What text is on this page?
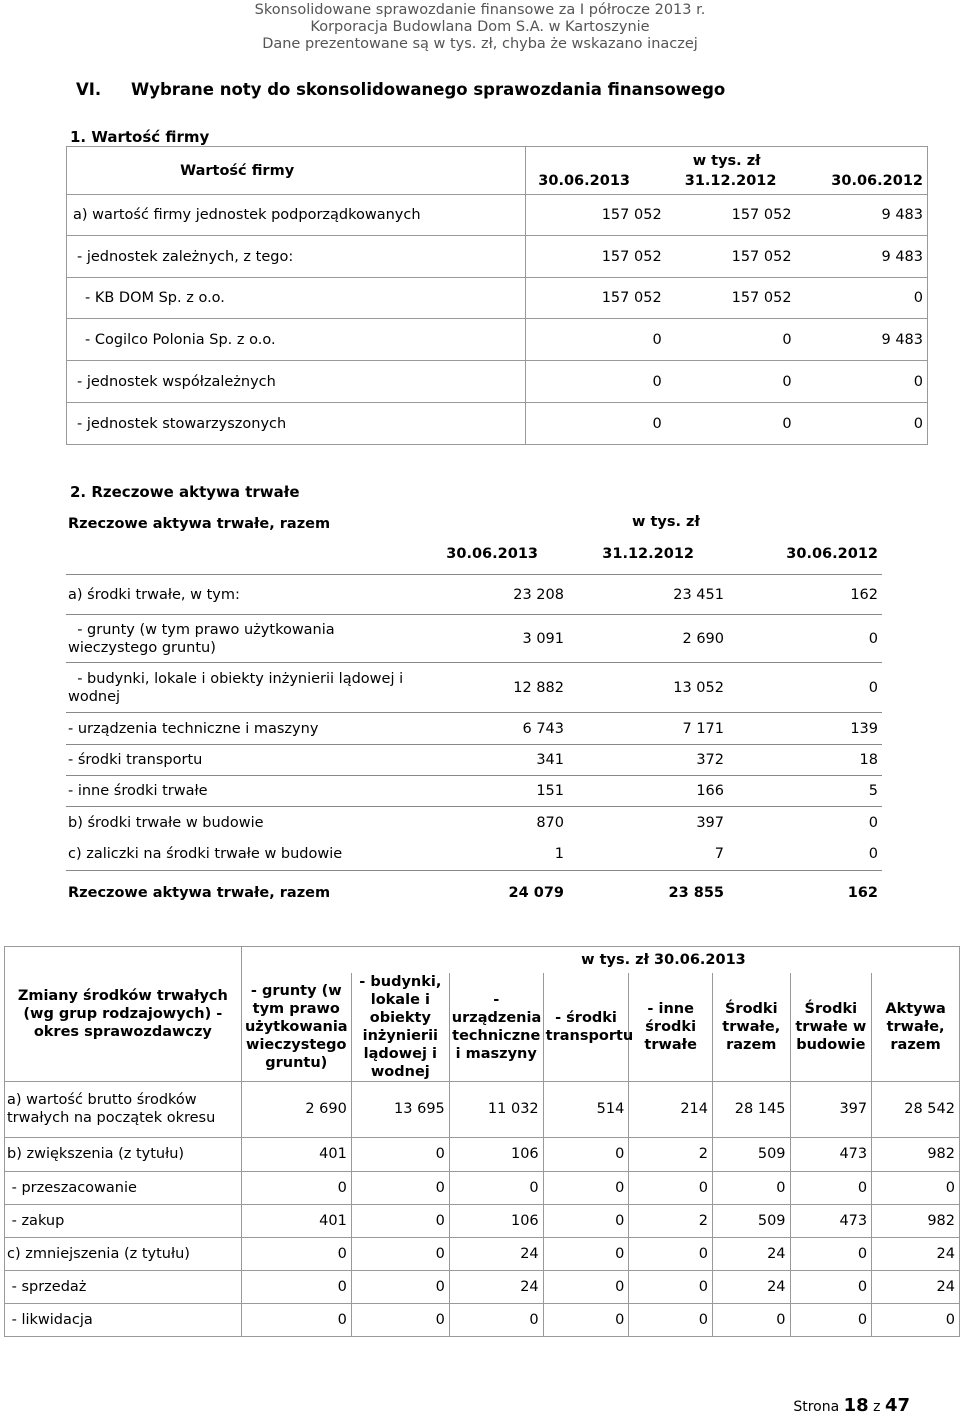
Skonsolidowane sprawozdanie finansowe za I półrocze 2013 r.
Korporacja Budowlana Dom S.A. w Kartoszynie
Dane prezentowane są w tys. zł, chyba że wskazano inaczej
VI. Wybrane noty do skonsolidowanego sprawozdania finansowego
1. Wartość firmy
Wartość firmy	w tys. zł		
	30.06.2013	31.12.2012	30.06.2012
a) wartość firmy jednostek podporządkowanych	157 052	157 052	9 483
- jednostek zależnych, z tego:	157 052	157 052	9 483
- KB DOM Sp. z o.o.	157 052	157 052	0
- Cogilco Polonia Sp. z o.o.	0	0	9 483
- jednostek współzależnych	0	0	0
- jednostek stowarzyszonych	0	0	0
2. Rzeczowe aktywa trwałe
Rzeczowe aktywa trwałe, razem	w tys. zł		

	30.06.2013	31.12.2012	30.06.2012
a) środki trwałe, w tym:	23 208	23 451	162
- grunty (w tym prawo użytkowania wieczystego gruntu)	3 091	2 690	0
- budynki, lokale i obiekty inżynierii lądowej i wodnej	12 882	13 052	0
- urządzenia techniczne i maszyny	6 743	7 171	139
- środki transportu	341	372	18
- inne środki trwałe	151	166	5
b) środki trwałe w budowie	870	397	0
c) zaliczki na środki trwałe w budowie	1	7	0
Rzeczowe aktywa trwałe, razem	24 079	23 855	162
Zmiany środków trwałych (wg grup rodzajowych) - okres sprawozdawczy				w tys. zł 30.06.2013				
	- grunty (w tym prawo użytkowania wieczystego gruntu)	- budynki, lokale i obiekty inżynierii lądowej i wodnej	- urządzenia techniczne i maszyny	- środki transportu	- inne środki trwałe	Środki trwałe, razem	Środki trwałe w budowie	Aktywa trwałe, razem
a) wartość brutto środków trwałych na początek okresu	2 690	13 695	11 032	514	214	28 145	397	28 542
b) zwiększenia (z tytułu)	401	0	106	0	2	509	473	982
- przeszacowanie	0	0	0	0	0	0	0	0
- zakup	401	0	106	0	2	509	473	982
c) zmniejszenia (z tytułu)	0	0	24	0	0	24	0	24
- sprzedaż	0	0	24	0	0	24	0	24
- likwidacja	0	0	0	0	0	0	0	0
Strona 18 z 47
